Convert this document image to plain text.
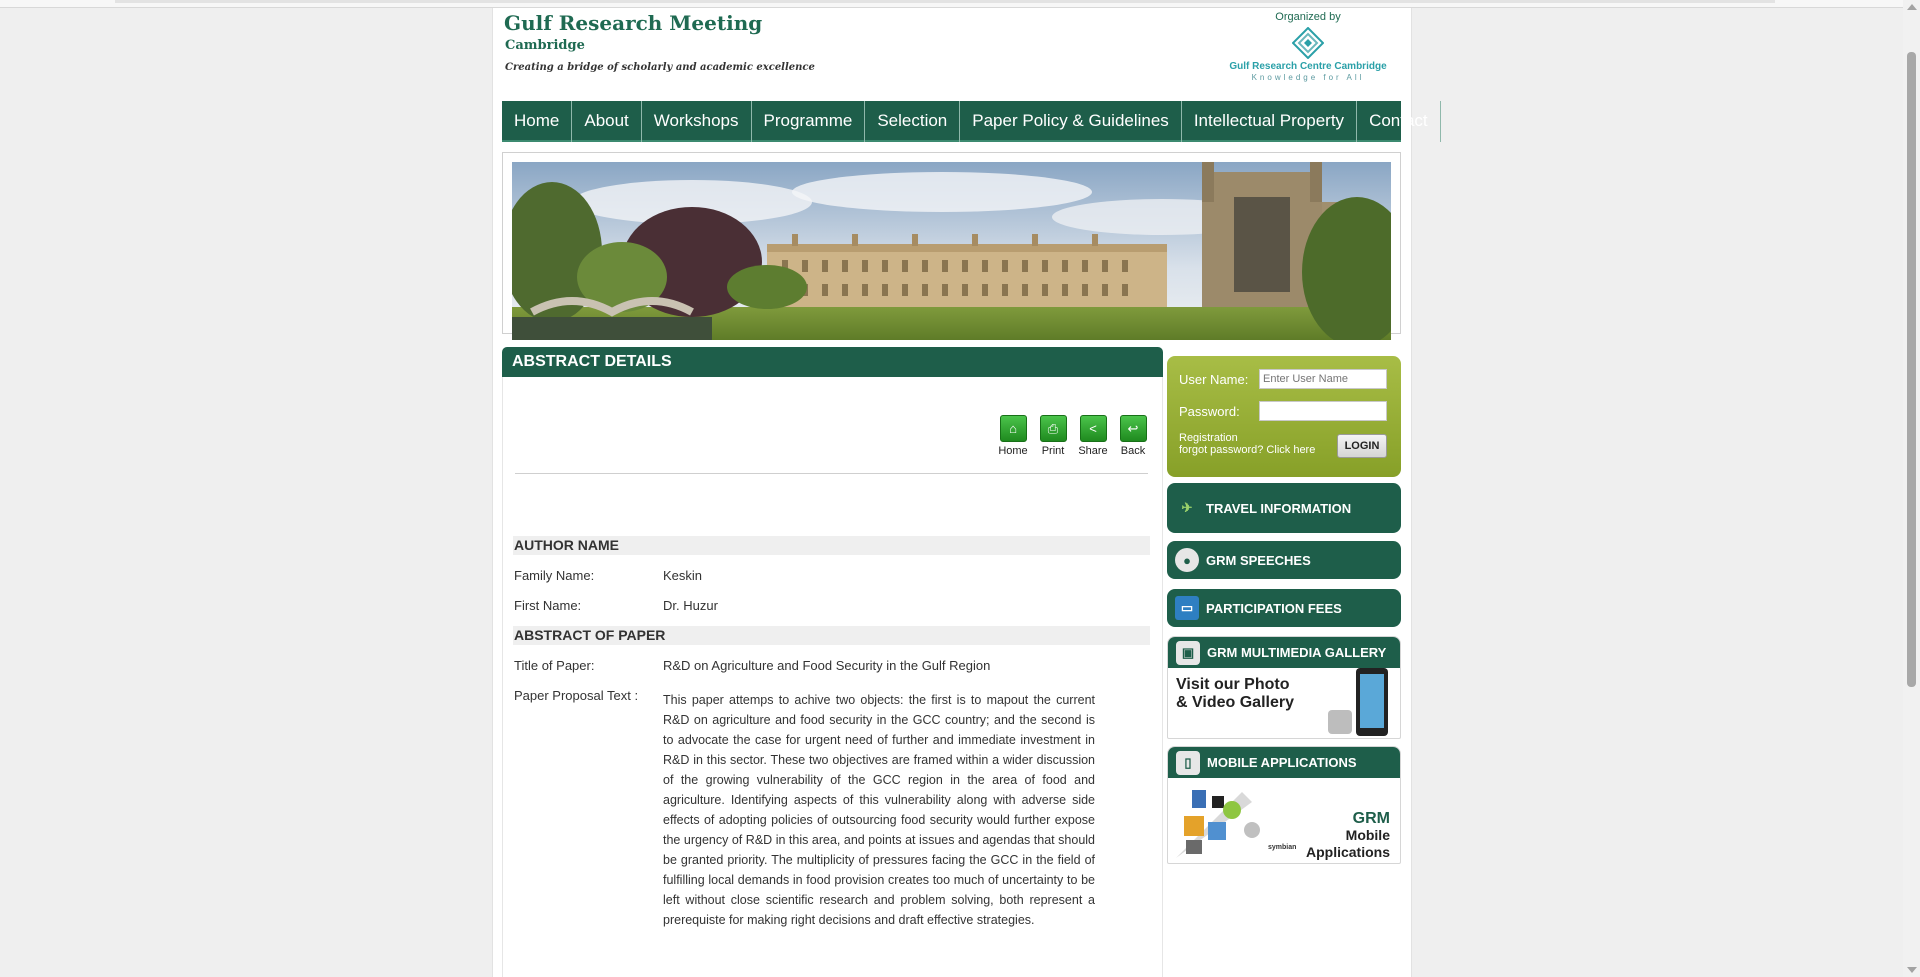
Gulf Research Meeting
Cambridge
Creating a bridge of scholarly and academic excellence
Organized by
Gulf Research Centre Cambridge
Knowledge for All
Home	About	Workshops	Programme	Selection	Paper Policy & Guidelines	Intellectual Property	Contact
ABSTRACT DETAILS
⌂
Home
⎙
Print
<
Share
↩
Back
AUTHOR NAME
Family Name:	Keskin
First Name:	Dr. Huzur
ABSTRACT OF PAPER
Title of Paper:	R&D on Agriculture and Food Security in the Gulf Region
Paper Proposal Text : This paper attemps to achive two objects: the first is to mapout the current R&D on agriculture and food security in the GCC country; and the second is to advocate the case for urgent need of further and immediate investment in R&D in this sector. These two objectives are framed within a wider discussion of the growing vulnerability of the GCC region in the area of food and agriculture. Identifying aspects of this vulnerability along with adverse side effects of adopting policies of outsourcing food security would further expose the urgency of R&D in this area, and points at issues and agendas that should be granted priority. The multiplicity of pressures facing the GCC in the field of fulfilling local demands in food provision creates too much of uncertainty to be left without close scientific research and problem solving, both represent a prerequiste for making right decisions and draft effective strategies.
User Name:
Enter User Name
Password:
Registration
forgot password? Click here	LOGIN
✈	TRAVEL INFORMATION
●	GRM SPEECHES
▭ PARTICIPATION FEES
▣ GRM MULTIMEDIA GALLERY
Visit our Photo & Video Gallery
▯	MOBILE APPLICATIONS
symbian
GRM
Mobile
Applications
